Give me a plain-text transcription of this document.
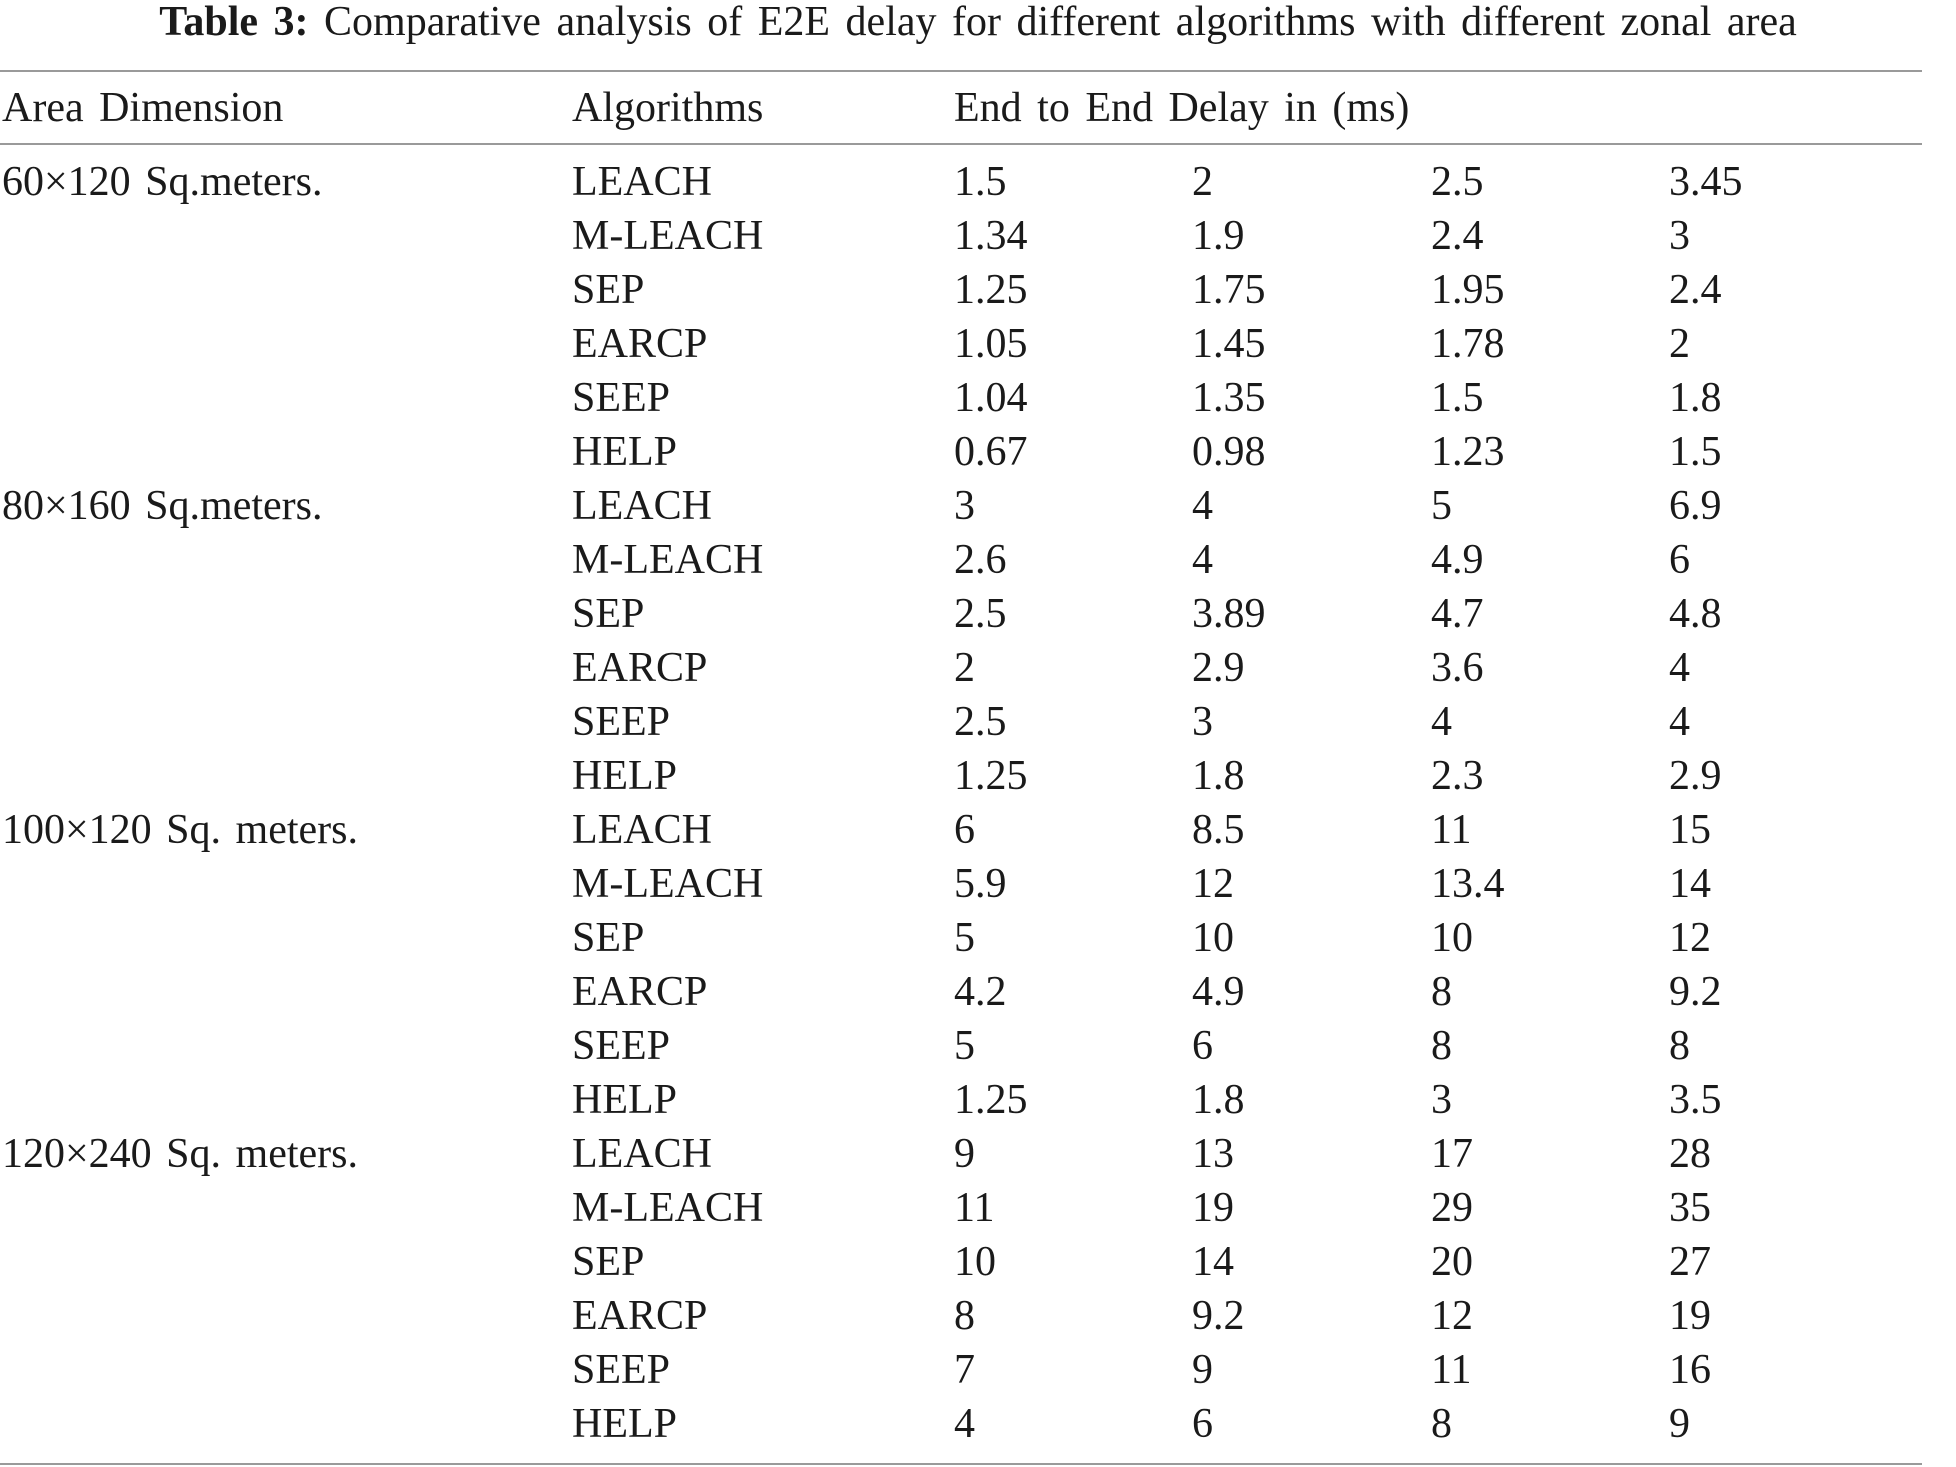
Table 3: Comparative analysis of E2E delay for different algorithms with different zonal area
Area Dimension	Algorithms	End to End Delay in (ms)
60×120 Sq.meters.	LEACH	1.5	2	2.5	3.45
M-LEACH	1.34	1.9	2.4	3
SEP	1.25	1.75	1.95	2.4
EARCP	1.05	1.45	1.78	2
SEEP	1.04	1.35	1.5	1.8
HELP	0.67	0.98	1.23	1.5
80×160 Sq.meters.	LEACH	3	4	5	6.9
M-LEACH	2.6	4	4.9	6
SEP	2.5	3.89	4.7	4.8
EARCP	2	2.9	3.6	4
SEEP	2.5	3	4	4
HELP	1.25	1.8	2.3	2.9
100×120 Sq. meters.	LEACH	6	8.5	11	15
M-LEACH	5.9	12	13.4	14
SEP	5	10	10	12
EARCP	4.2	4.9	8	9.2
SEEP	5	6	8	8
HELP	1.25	1.8	3	3.5
120×240 Sq. meters.	LEACH	9	13	17	28
M-LEACH	11	19	29	35
SEP	10	14	20	27
EARCP	8	9.2	12	19
SEEP	7	9	11	16
HELP	4	6	8	9
